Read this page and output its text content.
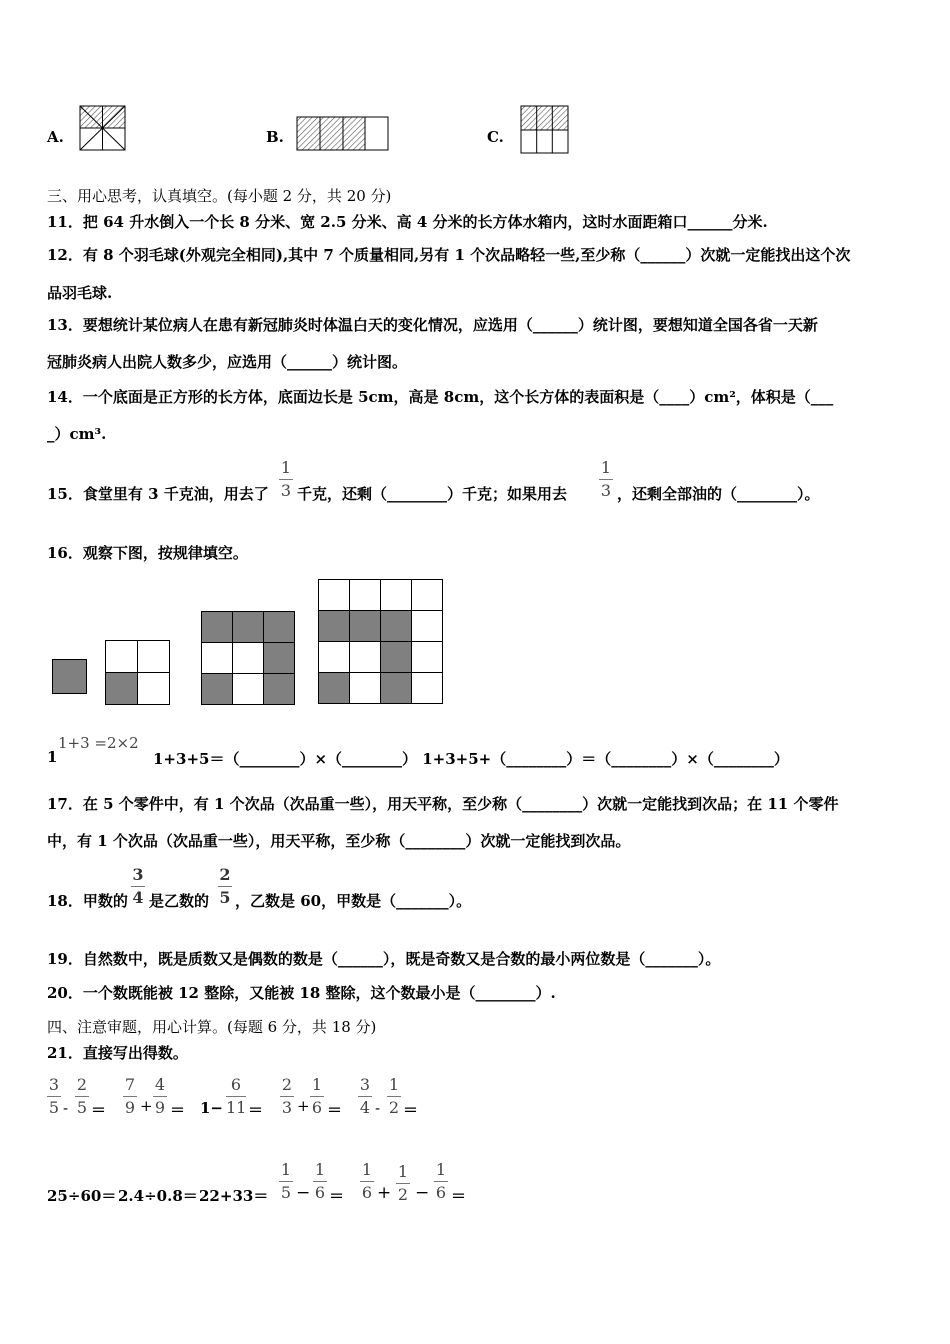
A.	B.	C.
三、用心思考，认真填空。(每小题 2 分，共 20 分)
11．把 64 升水倒入一个长 8 分米、宽 2.5 分米、高 4 分米的长方体水箱内，这时水面距箱口______分米.
12．有 8 个羽毛球(外观完全相同),其中 7 个质量相同,另有 1 个次品略轻一些,至少称（______）次就一定能找出这个次
品羽毛球.
13．要想统计某位病人在患有新冠肺炎时体温白天的变化情况，应选用（______）统计图，要想知道全国各省一天新
冠肺炎病人出院人数多少，应选用（______）统计图。
14．一个底面是正方形的长方体，底面边长是 5cm，高是 8cm，这个长方体的表面积是（____）cm²，体积是（___
_）cm³.
15．食堂里有 3 千克油，用去了
1
3 千克，还剩（________）千克；如果用去
1
3 ，还剩全部油的（________）。
16．观察下图，按规律填空。

1
1+3 =2×2
1+3+5＝（________）×（________） 1+3+5+（________）＝（________）×（________）
17．在 5 个零件中，有 1 个次品（次品重一些），用天平称，至少称（________）次就一定能找到次品；在 11 个零件
中，有 1 个次品（次品重一些），用天平称，至少称（________）次就一定能找到次品。
18．甲数的
3
4 是乙数的
2
5 ，乙数是 60，甲数是（_______）。
19．自然数中，既是质数又是偶数的数是（______），既是奇数又是合数的最小两位数是（_______）。
20．一个数既能被 12 整除，又能被 18 整除，这个数最小是（________）.
四、注意审题，用心计算。(每题 6 分，共 18 分)
21．直接写出得数。
3
5 -
2
5 ＝
7
9 +
4
9 ＝ 1−
6
11 ＝
2
3 +
1
6 ＝
3
4 -
1
2 ＝
25÷60＝ 2.4÷0.8＝ 22+33＝
1
5 −
1
6 ＝
1
6 +
1
2 −
1
6 ＝
